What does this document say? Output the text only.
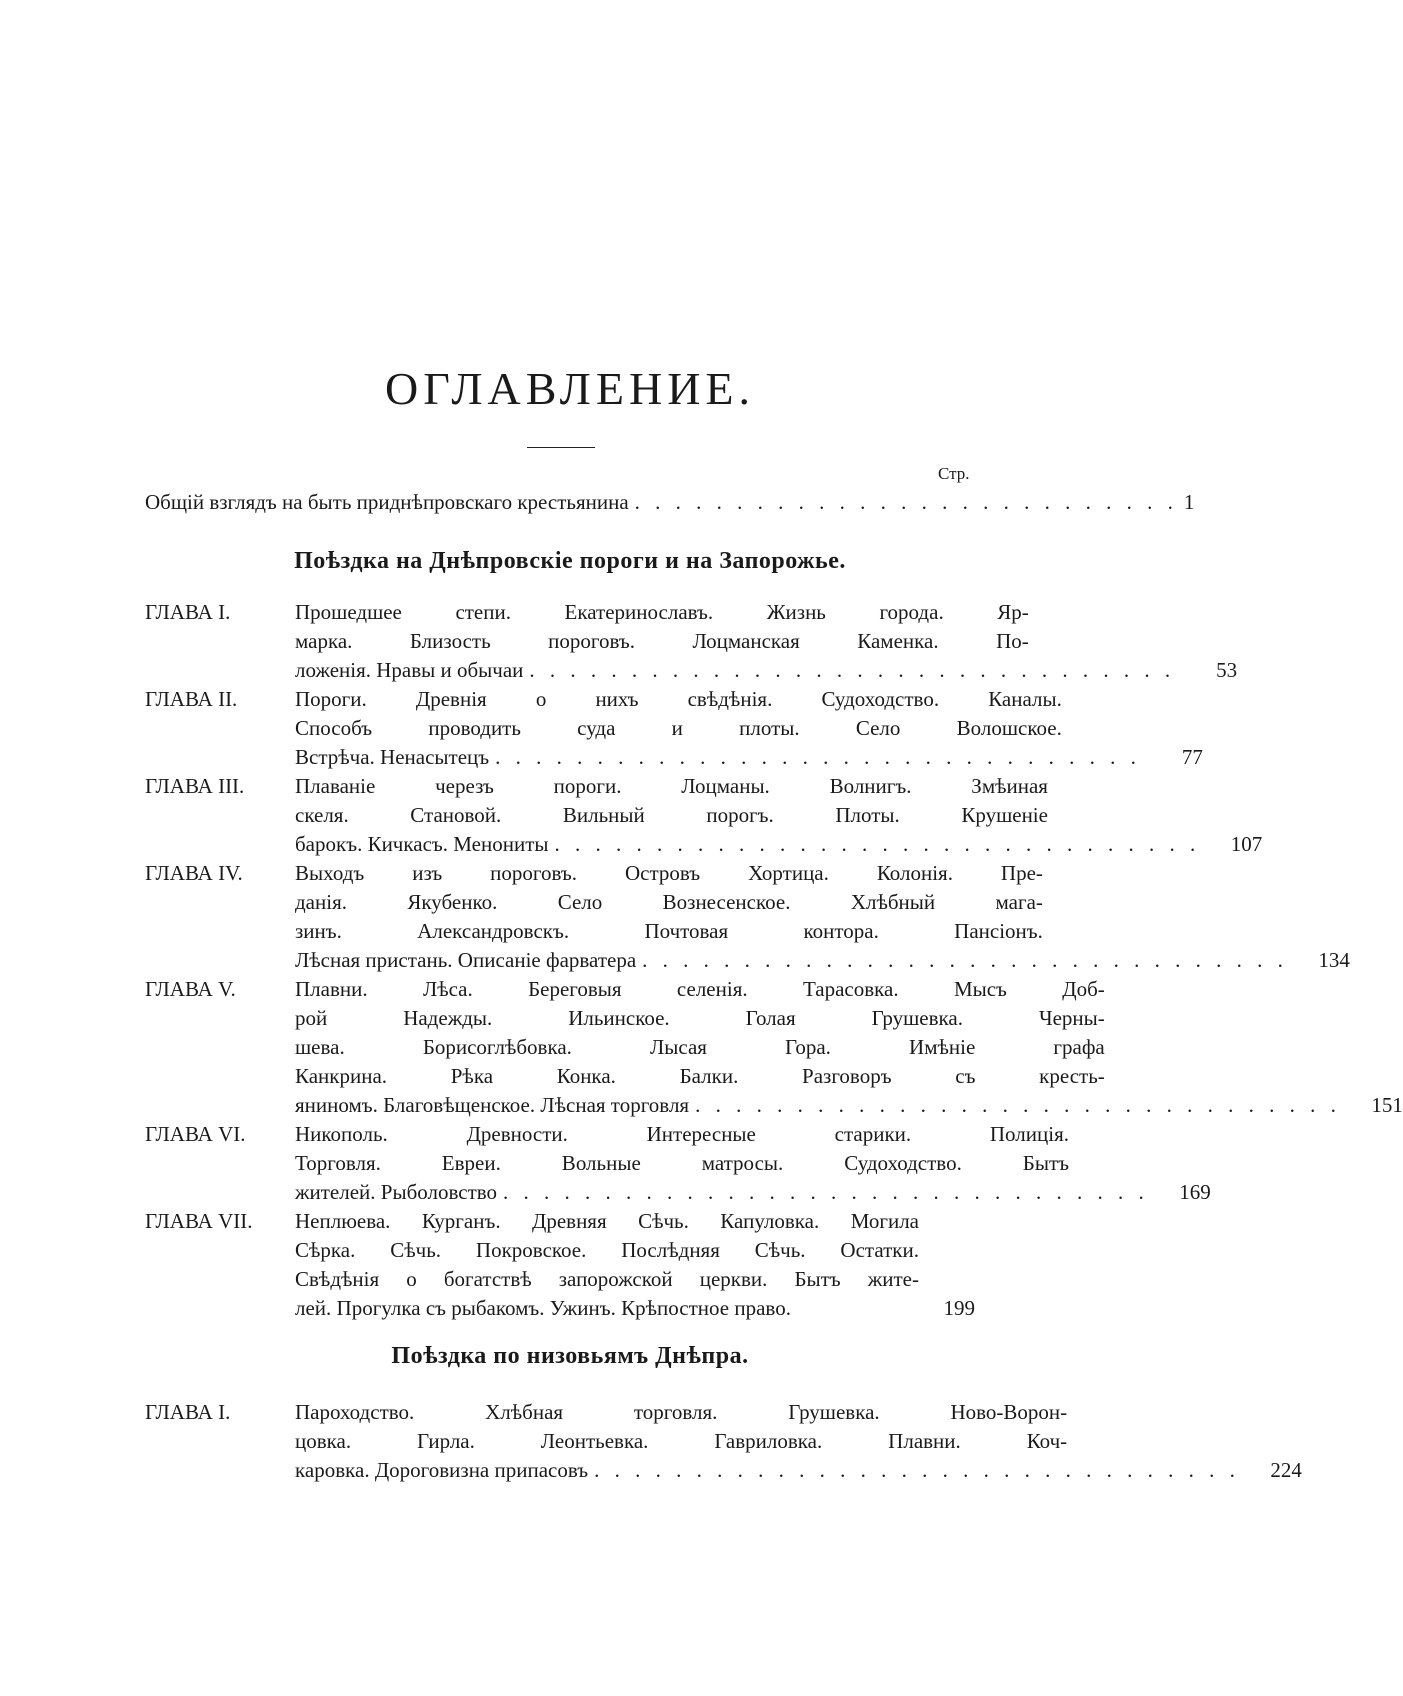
ОГЛАВЛЕНИЕ.
Стр.
Общій взглядъ на быть приднѣпровскаго крестьянина . . . . . . . . . . . . . . . . . . . . . . . . . . . 1
Поѣздка на Днѣпровскіе пороги и на Запорожье.
ГЛАВА I.	Прошедшее степи. Екатеринославъ. Жизнь города. Яр-
марка. Близость пороговъ. Лоцманская Каменка. По-
ложенія. Нравы и обычаи . . . . . . . . . . . . . . . . . . . . . . . . . . . . . . . .	53
ГЛАВА II.	Пороги. Древнія о нихъ свѣдѣнія. Судоходство. Каналы.
Способъ проводить суда и плоты. Село Волошское.
Встрѣча. Ненасытецъ . . . . . . . . . . . . . . . . . . . . . . . . . . . . . . . .	77
ГЛАВА III.	Плаваніе черезъ пороги. Лоцманы. Волнигъ. Змѣиная
скеля. Становой. Вильный порогъ. Плоты. Крушеніе
барокъ. Кичкасъ. Менониты . . . . . . . . . . . . . . . . . . . . . . . . . . . . . . . .	107
ГЛАВА IV.	Выходъ изъ пороговъ. Островъ Хортица. Колонія. Пре-
данія. Якубенко. Село Вознесенское. Хлѣбный мага-
зинъ. Александровскъ. Почтовая контора. Пансіонъ.
Лѣсная пристань. Описаніе фарватера . . . . . . . . . . . . . . . . . . . . . . . . . . . . . . . .	134
ГЛАВА V.	Плавни. Лѣса. Береговыя селенія. Тарасовка. Мысъ Доб-
рой Надежды. Ильинское. Голая Грушевка. Черны-
шева. Борисоглѣбовка. Лысая Гора. Имѣніе графа
Канкрина. Рѣка Конка. Балки. Разговоръ съ кресть-
яниномъ. Благовѣщенское. Лѣсная торговля . . . . . . . . . . . . . . . . . . . . . . . . . . . . . . . .	151
ГЛАВА VI.	Никополь. Древности. Интересные старики. Полиція.
Торговля. Евреи. Вольные матросы. Судоходство. Бытъ
жителей. Рыболовство . . . . . . . . . . . . . . . . . . . . . . . . . . . . . . . .	169
ГЛАВА VII.	Неплюева. Курганъ. Древняя Сѣчь. Капуловка. Могила
Сѣрка. Сѣчь. Покровское. Послѣдняя Сѣчь. Остатки.
Свѣдѣнія о богатствѣ запорожской церкви. Бытъ жите-
лей. Прогулка съ рыбакомъ. Ужинъ. Крѣпостное право.	199
Поѣздка по низовьямъ Днѣпра.
ГЛАВА I.	Пароходство. Хлѣбная торговля. Грушевка. Ново-Ворон-
цовка. Гирла. Леонтьевка. Гавриловка. Плавни. Коч-
каровка. Дороговизна припасовъ . . . . . . . . . . . . . . . . . . . . . . . . . . . . . . . .	224
